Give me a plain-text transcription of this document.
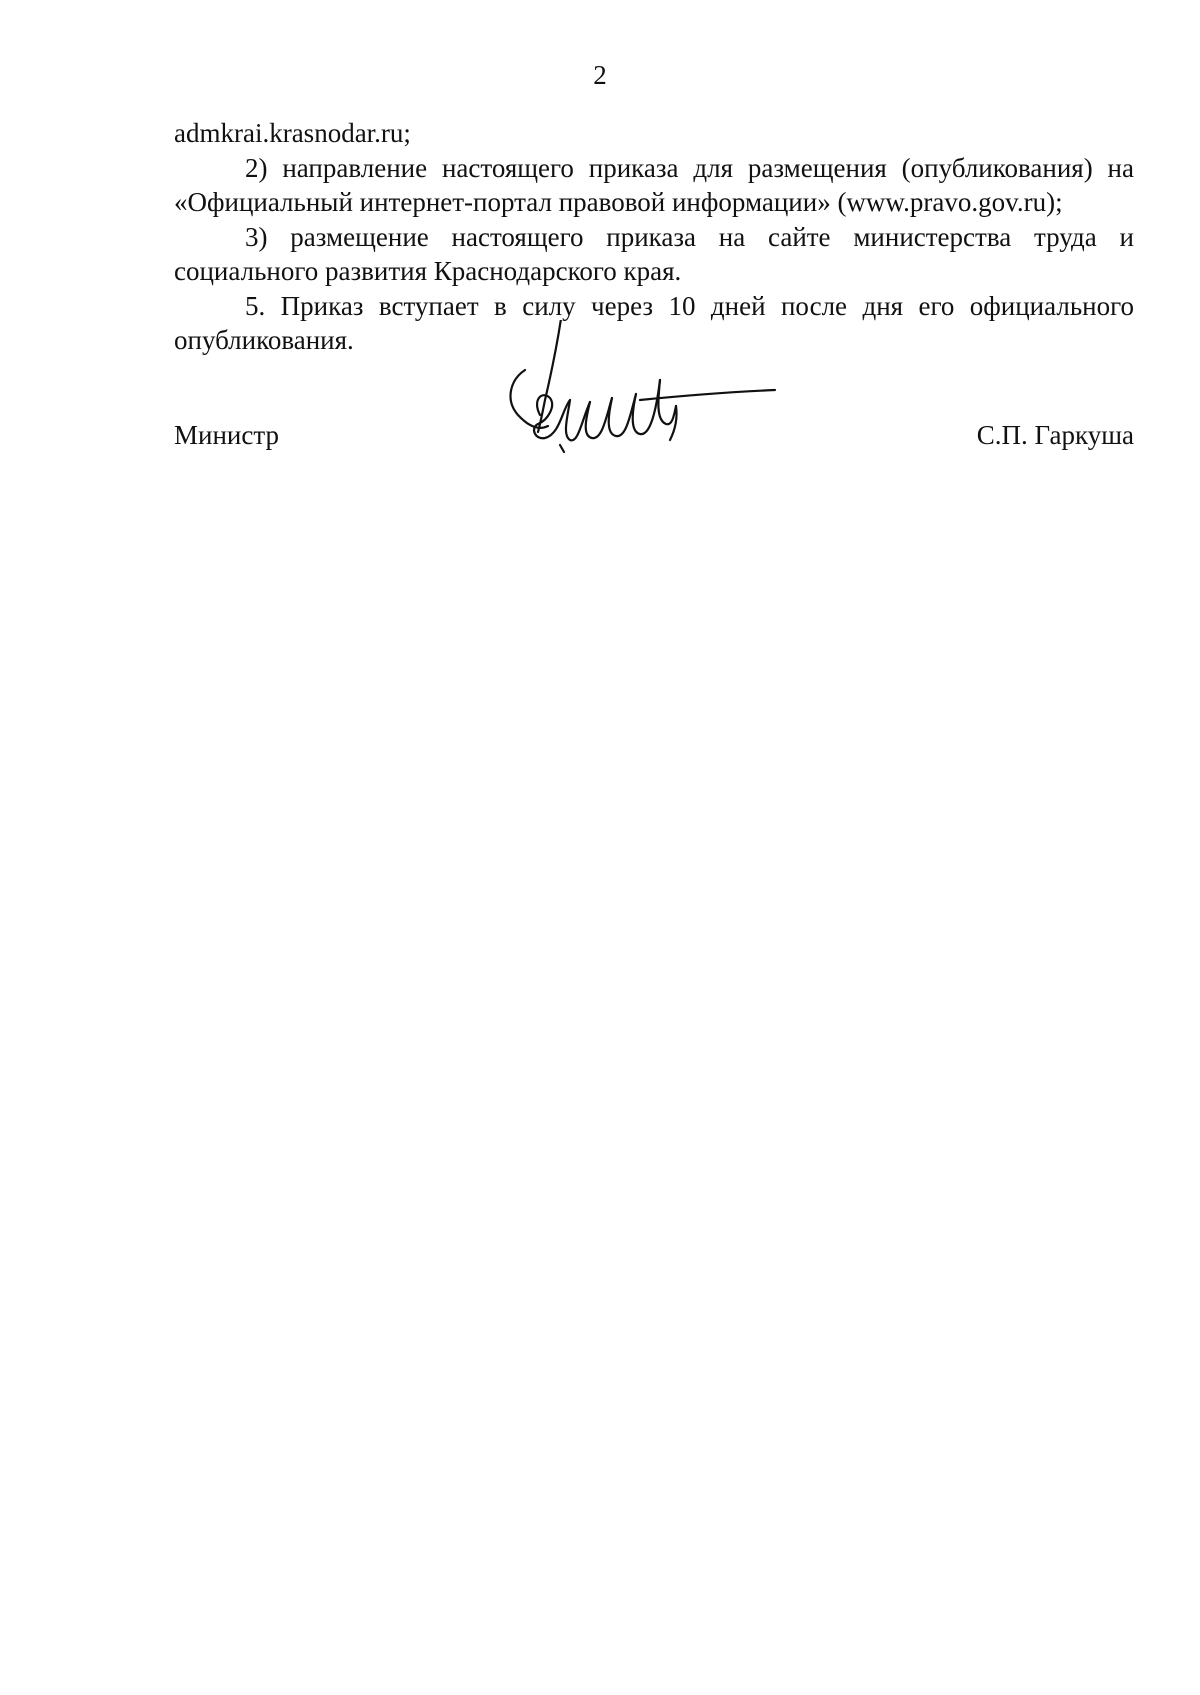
2

admkrai.krasnodar.ru;

2) направление настоящего приказа для размещения (опубликования) на «Официальный интернет-портал правовой информации» (www.pravo.gov.ru);

3) размещение настоящего приказа на сайте министерства труда и социального развития Краснодарского края.

5. Приказ вступает в силу через 10 дней после дня его официального опубликования.

Министр	С.П. Гаркуша
